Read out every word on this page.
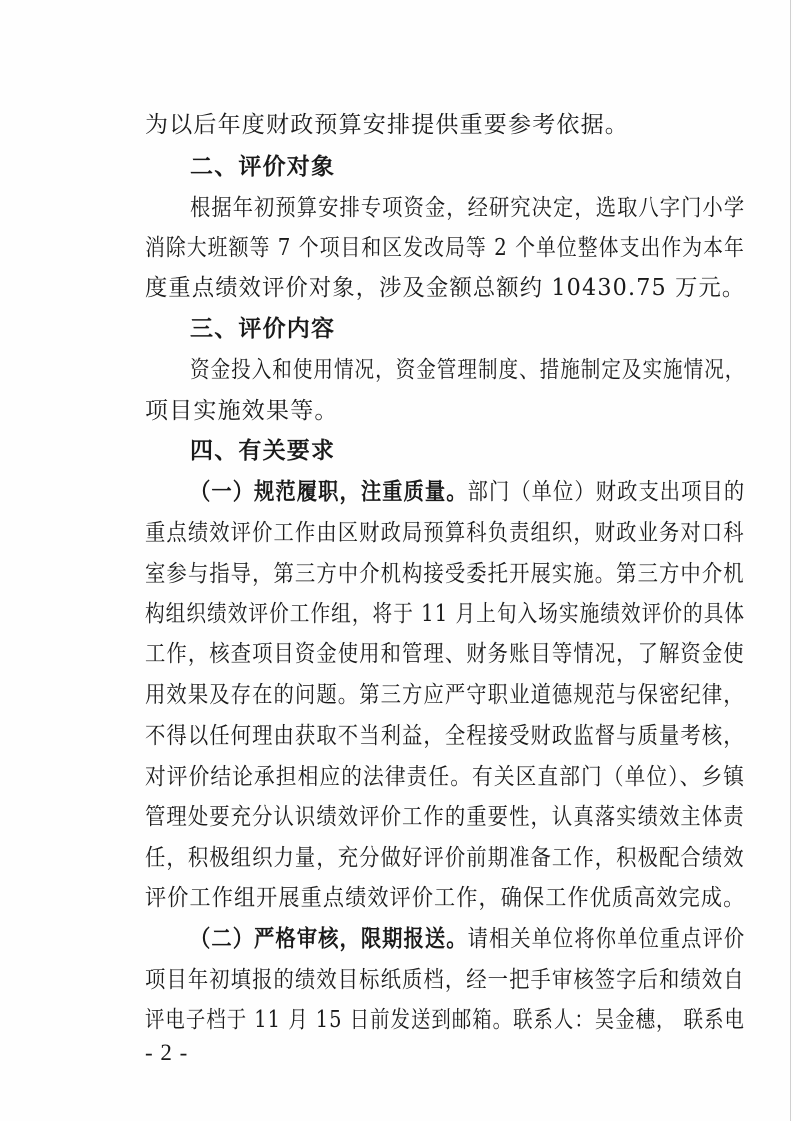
为以后年度财政预算安排提供重要参考依据。
二、评价对象
根据年初预算安排专项资金，经研究决定，选取八字门小学
消除大班额等 7 个项目和区发改局等 2 个单位整体支出作为本年
度重点绩效评价对象，涉及金额总额约 10430.75 万元。
三、评价内容
资金投入和使用情况，资金管理制度、措施制定及实施情况，
项目实施效果等。
四、有关要求
（一）规范履职，注重质量。部门（单位）财政支出项目的
重点绩效评价工作由区财政局预算科负责组织，财政业务对口科
室参与指导，第三方中介机构接受委托开展实施。第三方中介机
构组织绩效评价工作组，将于 11 月上旬入场实施绩效评价的具体
工作，核查项目资金使用和管理、财务账目等情况，了解资金使
用效果及存在的问题。第三方应严守职业道德规范与保密纪律，
不得以任何理由获取不当利益，全程接受财政监督与质量考核，
对评价结论承担相应的法律责任。有关区直部门（单位）、乡镇
管理处要充分认识绩效评价工作的重要性，认真落实绩效主体责
任，积极组织力量，充分做好评价前期准备工作，积极配合绩效
评价工作组开展重点绩效评价工作，确保工作优质高效完成。
（二）严格审核，限期报送。请相关单位将你单位重点评价
项目年初填报的绩效目标纸质档，经一把手审核签字后和绩效自
评电子档于 11 月 15 日前发送到邮箱。联系人：吴金穗， 联系电
- 2 -
